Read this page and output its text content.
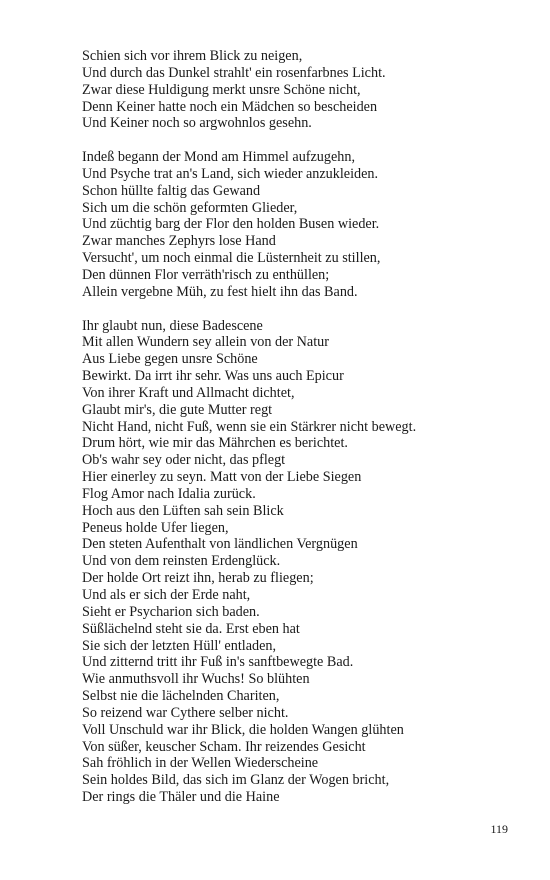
Schien sich vor ihrem Blick zu neigen,
Und durch das Dunkel strahlt' ein rosenfarbnes Licht.
Zwar diese Huldigung merkt unsre Schöne nicht,
Denn Keiner hatte noch ein Mädchen so bescheiden
Und Keiner noch so argwohnlos gesehn.
Indeß begann der Mond am Himmel aufzugehn,
Und Psyche trat an's Land, sich wieder anzukleiden.
Schon hüllte faltig das Gewand
Sich um die schön geformten Glieder,
Und züchtig barg der Flor den holden Busen wieder.
Zwar manches Zephyrs lose Hand
Versucht', um noch einmal die Lüsternheit zu stillen,
Den dünnen Flor verräth'risch zu enthüllen;
Allein vergebne Müh, zu fest hielt ihn das Band.
Ihr glaubt nun, diese Badescene
Mit allen Wundern sey allein von der Natur
Aus Liebe gegen unsre Schöne
Bewirkt. Da irrt ihr sehr. Was uns auch Epicur
Von ihrer Kraft und Allmacht dichtet,
Glaubt mir's, die gute Mutter regt
Nicht Hand, nicht Fuß, wenn sie ein Stärkrer nicht bewegt.
Drum hört, wie mir das Mährchen es berichtet.
Ob's wahr sey oder nicht, das pflegt
Hier einerley zu seyn. Matt von der Liebe Siegen
Flog Amor nach Idalia zurück.
Hoch aus den Lüften sah sein Blick
Peneus holde Ufer liegen,
Den steten Aufenthalt von ländlichen Vergnügen
Und von dem reinsten Erdenglück.
Der holde Ort reizt ihn, herab zu fliegen;
Und als er sich der Erde naht,
Sieht er Psycharion sich baden.
Süßlächelnd steht sie da. Erst eben hat
Sie sich der letzten Hüll' entladen,
Und zitternd tritt ihr Fuß in's sanftbewegte Bad.
Wie anmuthsvoll ihr Wuchs! So blühten
Selbst nie die lächelnden Chariten,
So reizend war Cythere selber nicht.
Voll Unschuld war ihr Blick, die holden Wangen glühten
Von süßer, keuscher Scham. Ihr reizendes Gesicht
Sah fröhlich in der Wellen Wiederscheine
Sein holdes Bild, das sich im Glanz der Wogen bricht,
Der rings die Thäler und die Haine
119
